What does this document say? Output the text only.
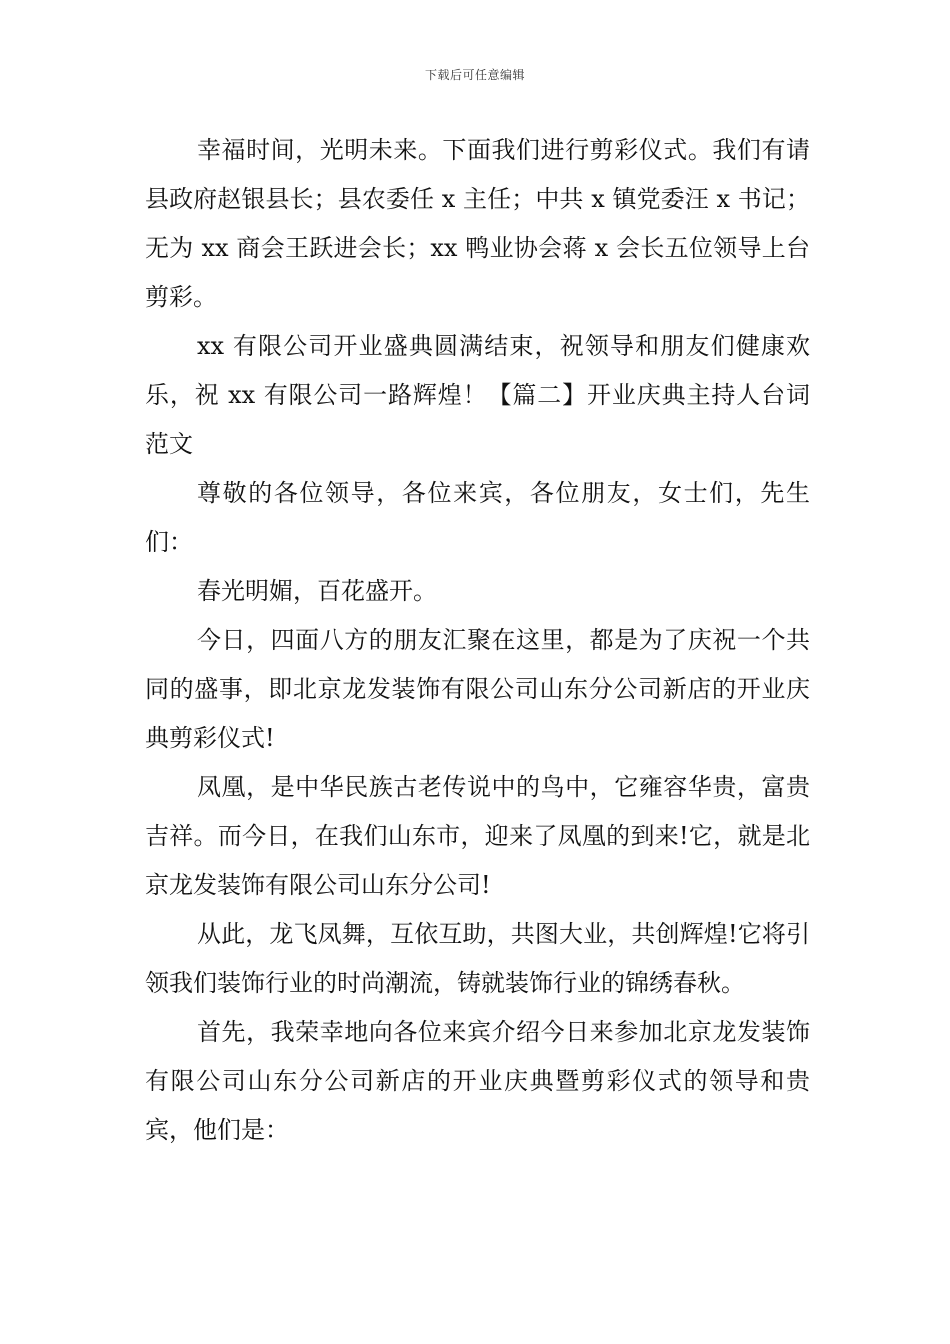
下载后可任意编辑

幸福时间，光明未来。下面我们进行剪彩仪式。我们有请县政府赵银县长；县农委任 x 主任；中共 x 镇党委汪 x 书记；无为 xx 商会王跃进会长；xx 鸭业协会蒋 x 会长五位领导上台剪彩。

xx 有限公司开业盛典圆满结束，祝领导和朋友们健康欢乐，祝 xx 有限公司一路辉煌！【篇二】开业庆典主持人台词范文

尊敬的各位领导，各位来宾，各位朋友，女士们，先生们：

春光明媚，百花盛开。

今日，四面八方的朋友汇聚在这里，都是为了庆祝一个共同的盛事，即北京龙发装饰有限公司山东分公司新店的开业庆典剪彩仪式!

凤凰，是中华民族古老传说中的鸟中，它雍容华贵，富贵吉祥。而今日，在我们山东市，迎来了凤凰的到来!它，就是北京龙发装饰有限公司山东分公司!

从此，龙飞凤舞，互依互助，共图大业，共创辉煌!它将引领我们装饰行业的时尚潮流，铸就装饰行业的锦绣春秋。

首先，我荣幸地向各位来宾介绍今日来参加北京龙发装饰有限公司山东分公司新店的开业庆典暨剪彩仪式的领导和贵宾，他们是：
